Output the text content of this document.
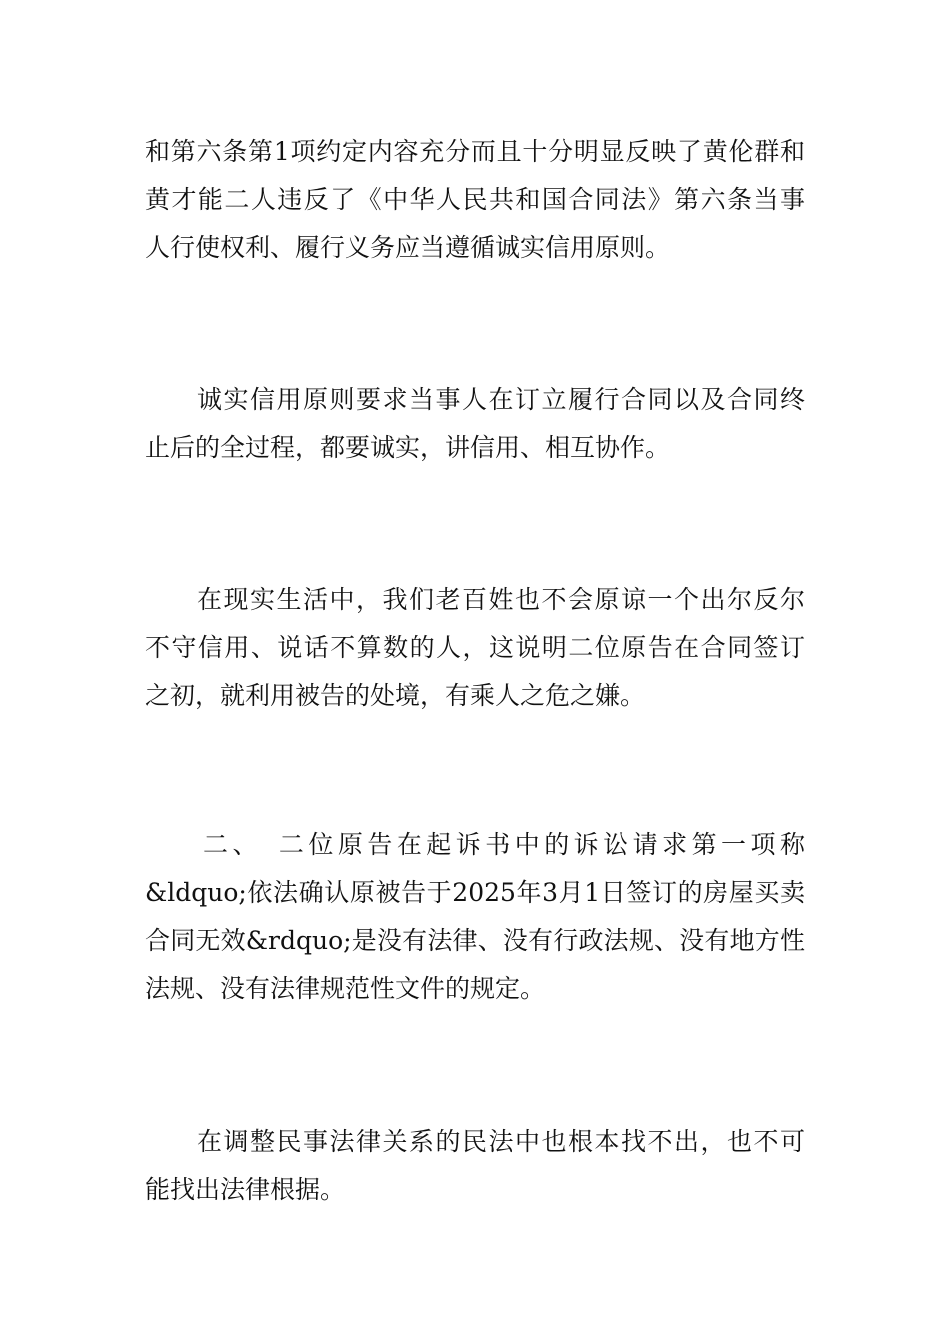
和第六条第1项约定内容充分而且十分明显反映了黄伦群和
黄才能二人违反了《中华人民共和国合同法》第六条当事
人行使权利、履行义务应当遵循诚实信用原则。
诚实信用原则要求当事人在订立履行合同以及合同终
止后的全过程，都要诚实，讲信用、相互协作。
在现实生活中，我们老百姓也不会原谅一个出尔反尔
不守信用、说话不算数的人，这说明二位原告在合同签订
之初，就利用被告的处境，有乘人之危之嫌。
二、　二位原告在起诉书中的诉讼请求第一项称
&ldquo;依法确认原被告于2025年3月1日签订的房屋买卖
合同无效&rdquo;是没有法律、没有行政法规、没有地方性
法规、没有法律规范性文件的规定。
在调整民事法律关系的民法中也根本找不出，也不可
能找出法律根据。
